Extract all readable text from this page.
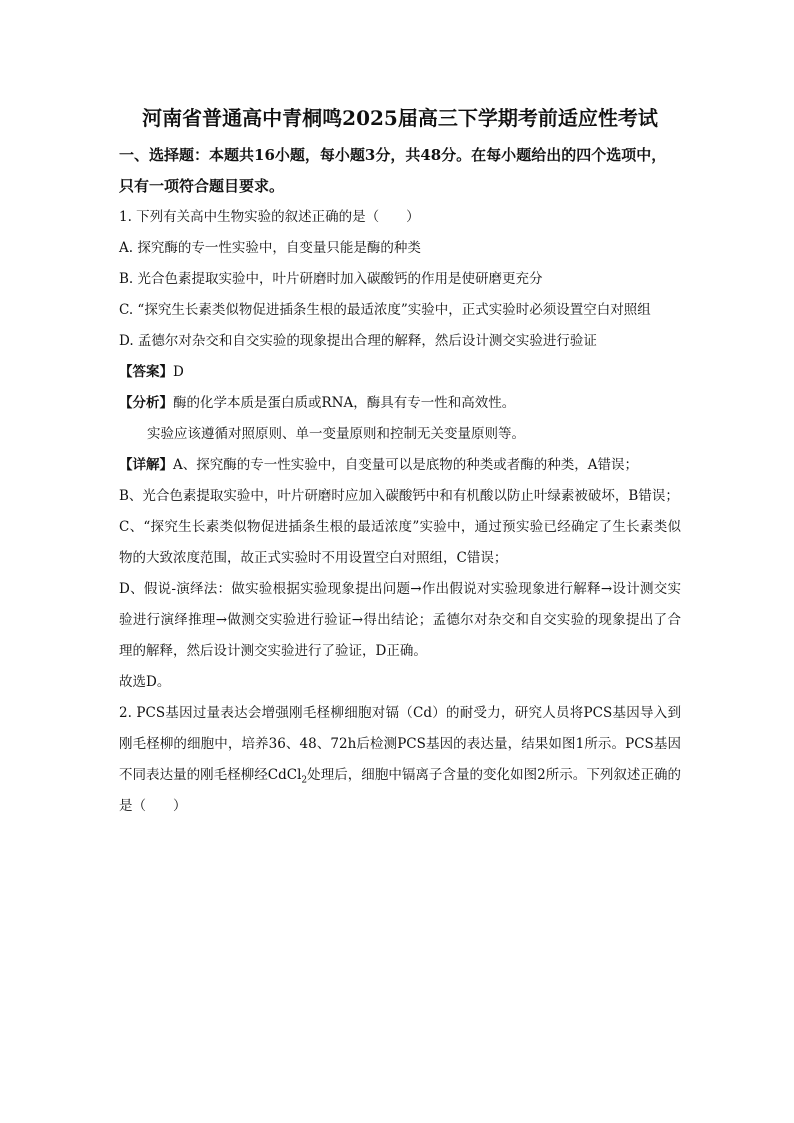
河南省普通高中青桐鸣2025届高三下学期考前适应性考试

一、选择题：本题共16小题，每小题3分，共48分。在每小题给出的四个选项中，只有一项符合题目要求。

1. 下列有关高中生物实验的叙述正确的是（　　）

A. 探究酶的专一性实验中，自变量只能是酶的种类

B. 光合色素提取实验中，叶片研磨时加入碳酸钙的作用是使研磨更充分

C. “探究生长素类似物促进插条生根的最适浓度”实验中，正式实验时必须设置空白对照组

D. 孟德尔对杂交和自交实验的现象提出合理的解释，然后设计测交实验进行验证

【答案】D

【分析】酶的化学本质是蛋白质或RNA，酶具有专一性和高效性。

实验应该遵循对照原则、单一变量原则和控制无关变量原则等。

【详解】A、探究酶的专一性实验中，自变量可以是底物的种类或者酶的种类，A错误；

B、光合色素提取实验中，叶片研磨时应加入碳酸钙中和有机酸以防止叶绿素被破坏，B错误；

C、“探究生长素类似物促进插条生根的最适浓度”实验中，通过预实验已经确定了生长素类似物的大致浓度范围，故正式实验时不用设置空白对照组，C错误；

D、假说-演绎法：做实验根据实验现象提出问题→作出假说对实验现象进行解释→设计测交实验进行演绎推理→做测交实验进行验证→得出结论；孟德尔对杂交和自交实验的现象提出了合理的解释，然后设计测交实验进行了验证，D正确。

故选D。

2. PCS基因过量表达会增强刚毛柽柳细胞对镉（Cd）的耐受力，研究人员将PCS基因导入到刚毛柽柳的细胞中，培养36、48、72h后检测PCS基因的表达量，结果如图1所示。PCS基因不同表达量的刚毛柽柳经CdCl$_2$处理后，细胞中镉离子含量的变化如图2所示。下列叙述正确的是（　　）
